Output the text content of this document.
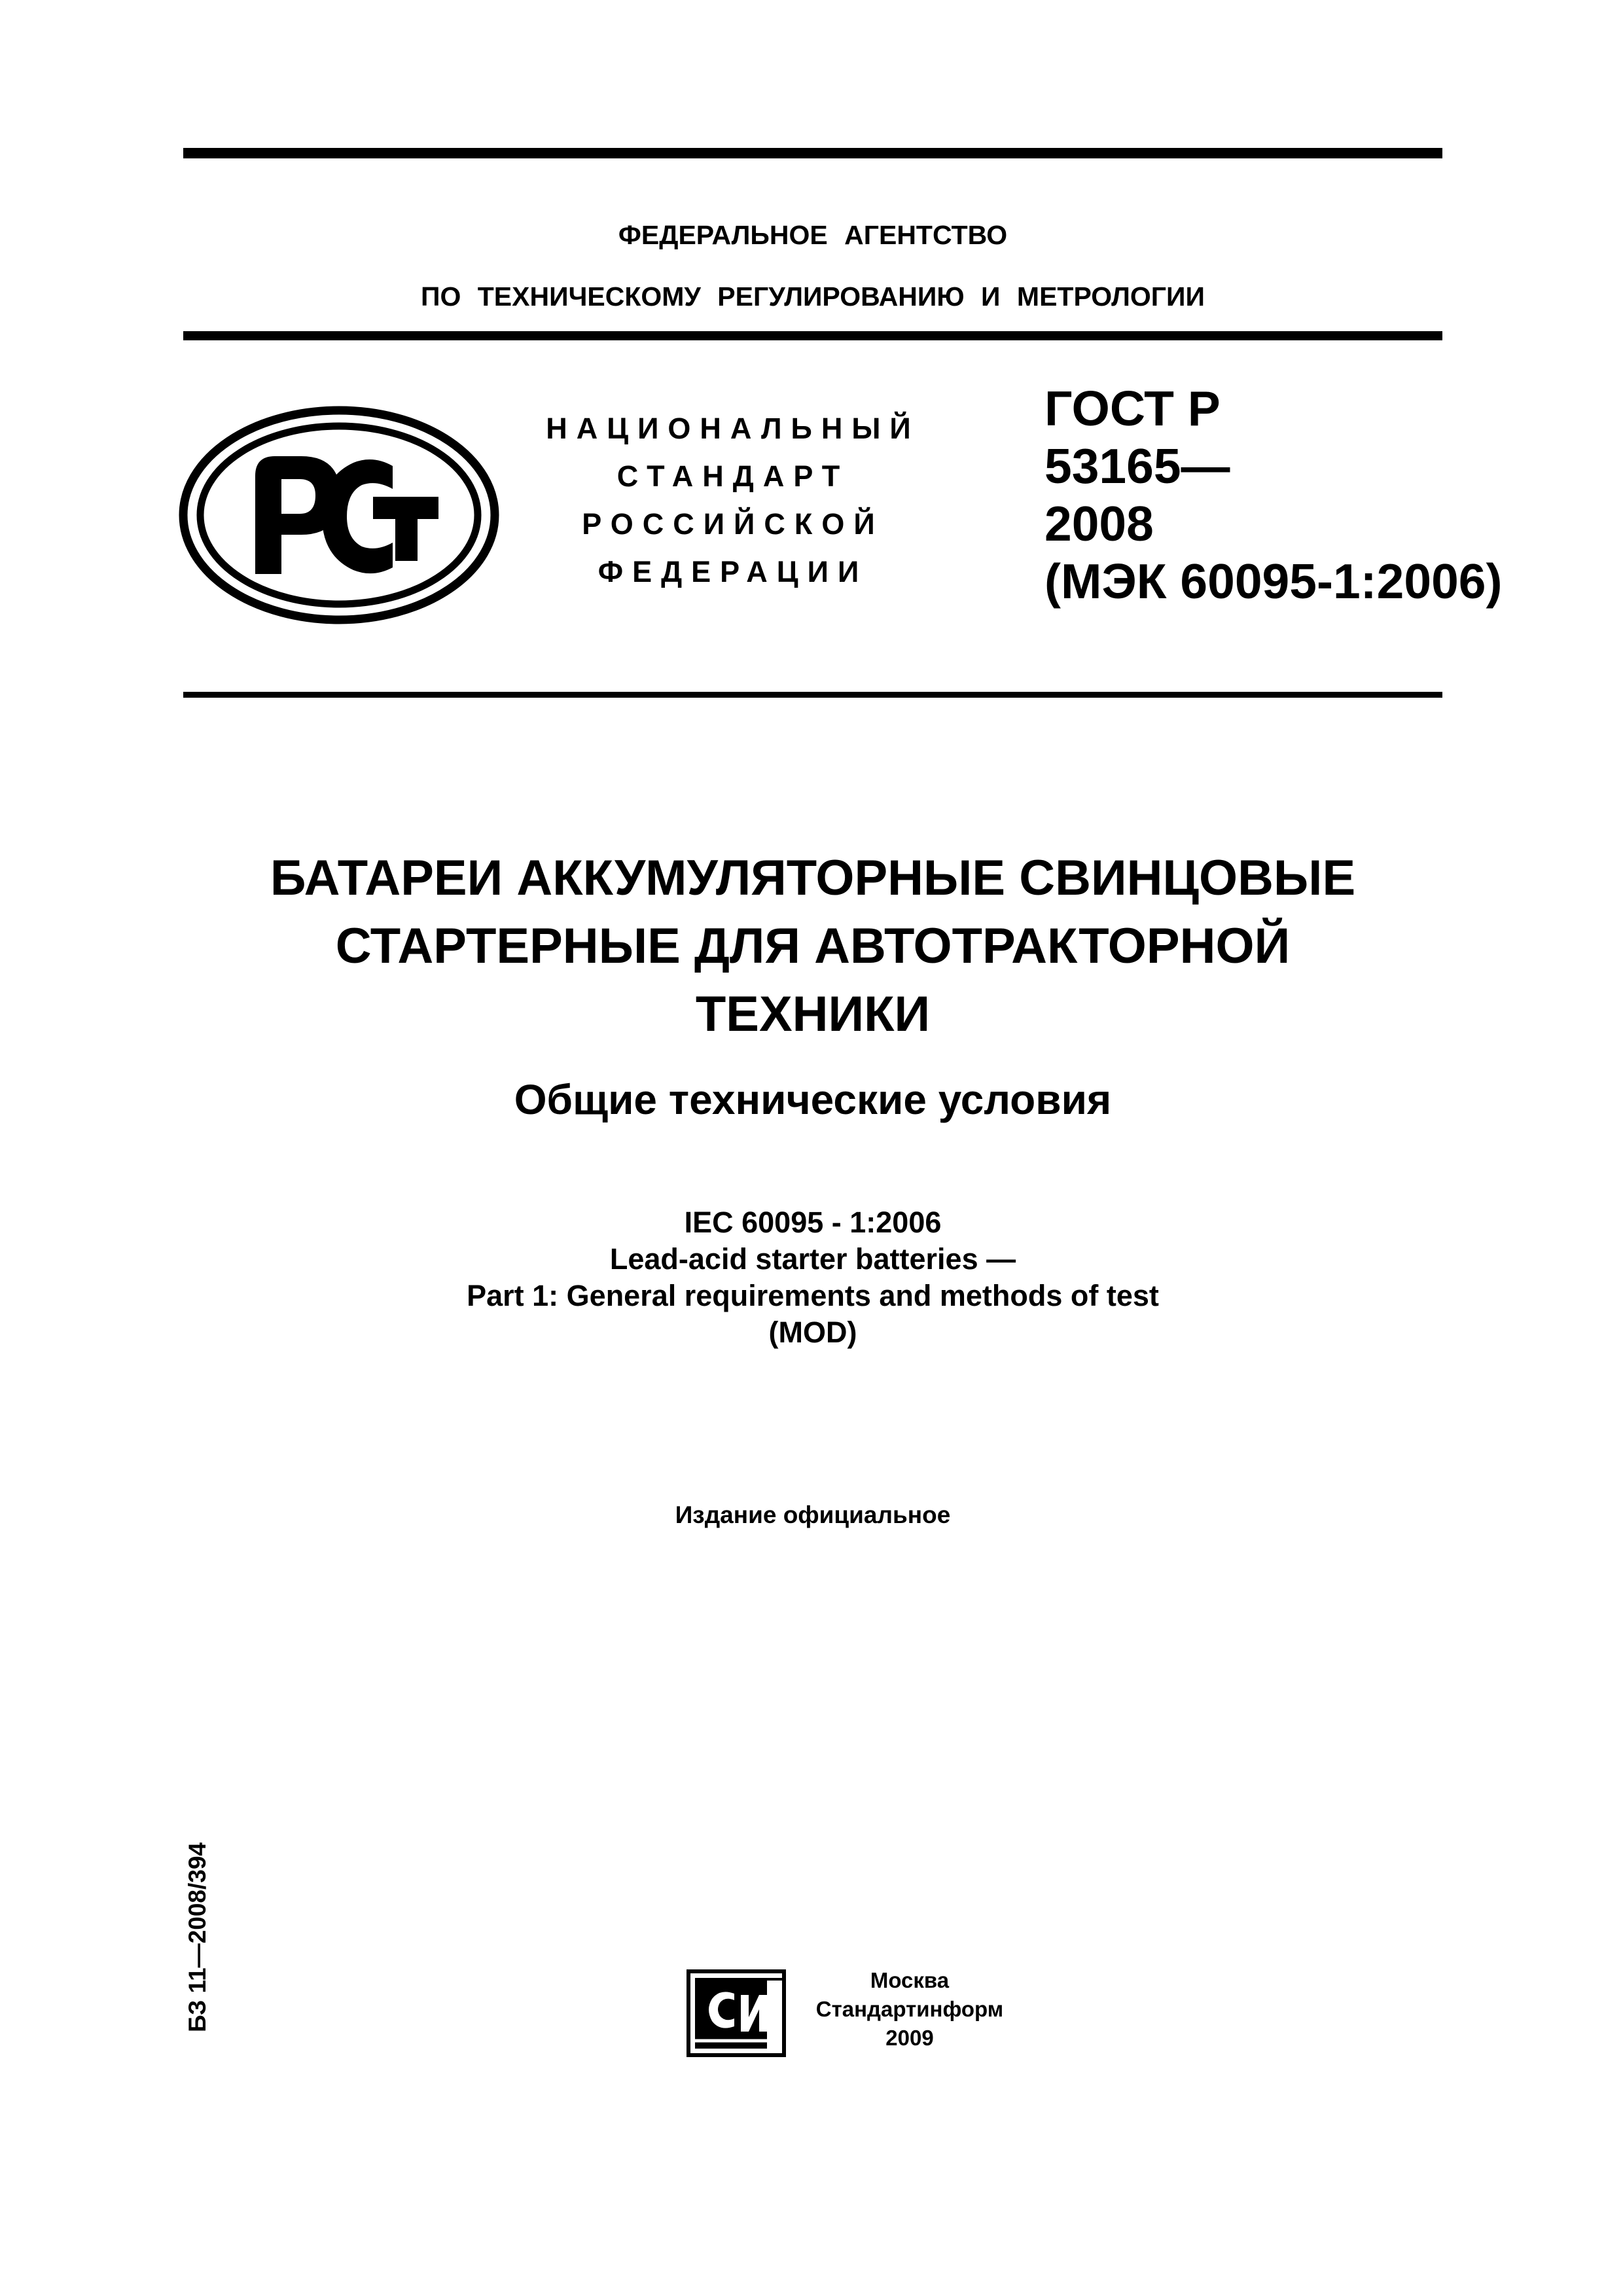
ФЕДЕРАЛЬНОЕ АГЕНТСТВО
ПО ТЕХНИЧЕСКОМУ РЕГУЛИРОВАНИЮ И МЕТРОЛОГИИ
НАЦИОНАЛЬНЫЙ
СТАНДАРТ
РОССИЙСКОЙ
ФЕДЕРАЦИИ
ГОСТ Р
53165—
2008
(МЭК 60095-1:2006)
БАТАРЕИ АККУМУЛЯТОРНЫЕ СВИНЦОВЫЕ
СТАРТЕРНЫЕ ДЛЯ АВТОТРАКТОРНОЙ
ТЕХНИКИ
Общие технические условия
IEC 60095 - 1:2006
Lead-acid starter batteries —
Part 1: General requirements and methods of test
(MOD)
Издание официальное
БЗ 11—2008/394	Москва
Стандартинформ
2009
